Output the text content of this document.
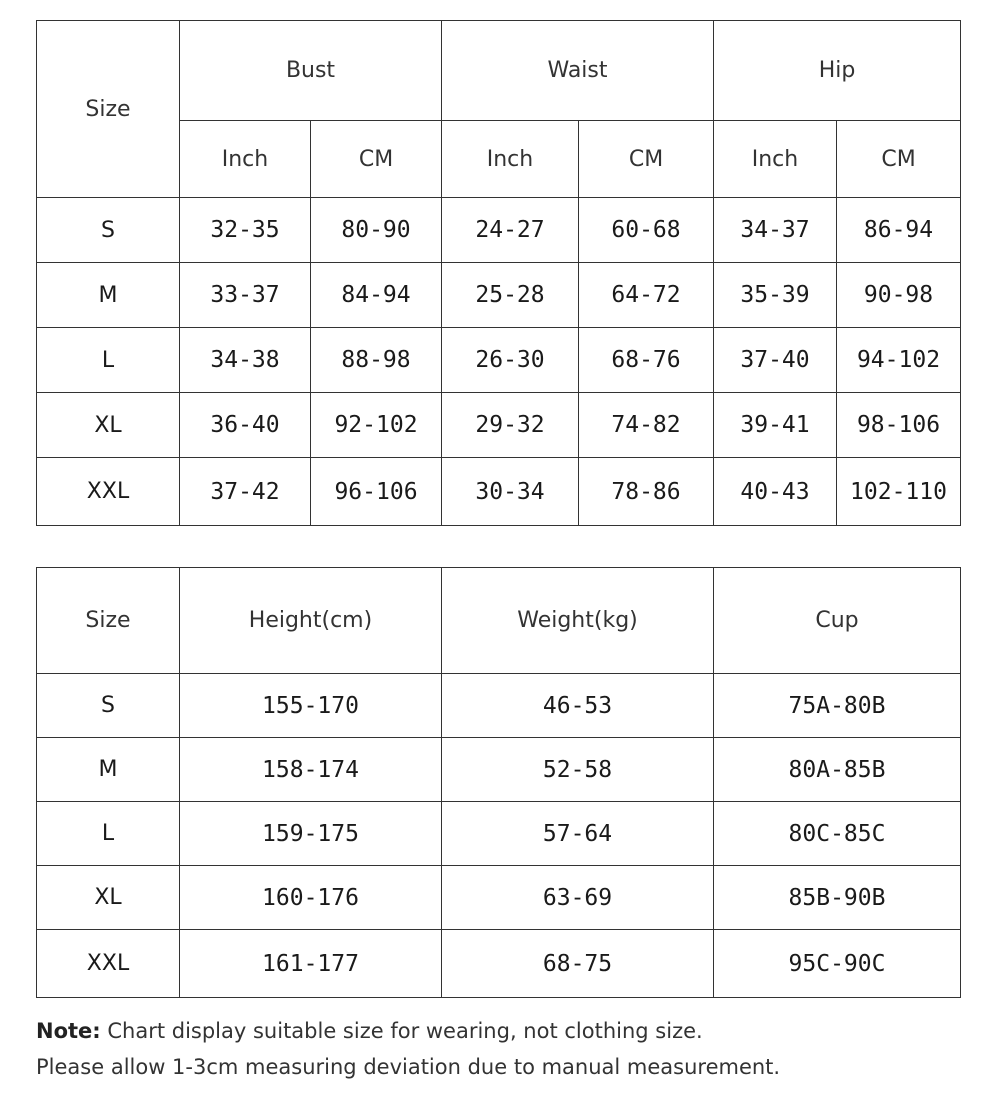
Size	Bust		Waist		Hip	
	Inch	CM	Inch	CM	Inch	CM
S	32-35	80-90	24-27	60-68	34-37	86-94
M	33-37	84-94	25-28	64-72	35-39	90-98
L	34-38	88-98	26-30	68-76	37-40	94-102
XL	36-40	92-102	29-32	74-82	39-41	98-106
XXL	37-42	96-106	30-34	78-86	40-43	102-110
Size	Height(cm)	Weight(kg)	Cup
S	155-170	46-53	75A-80B
M	158-174	52-58	80A-85B
L	159-175	57-64	80C-85C
XL	160-176	63-69	85B-90B
XXL	161-177	68-75	95C-90C
Note: Chart display suitable size for wearing, not clothing size.
Please allow 1-3cm measuring deviation due to manual measurement.
